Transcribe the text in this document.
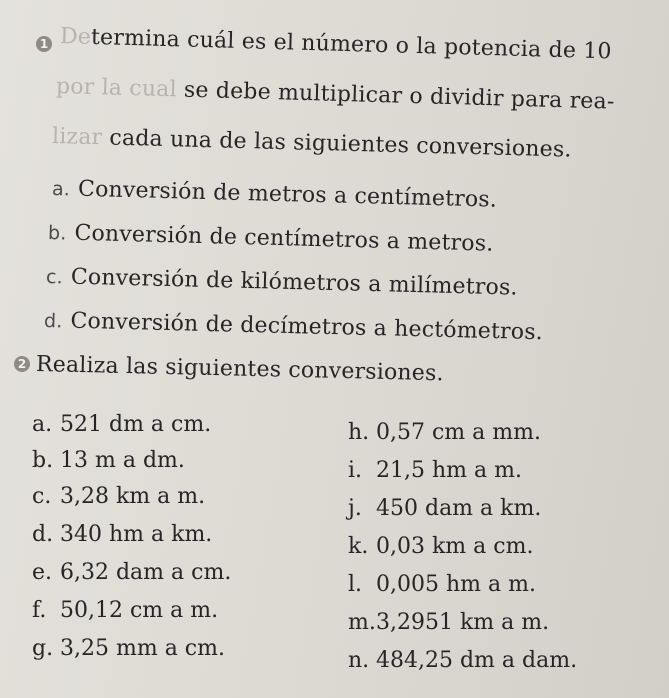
1 Determina cuál es el número o la potencia de 10
por la cual se debe multiplicar o dividir para rea-
lizar cada una de las siguientes conversiones.
a. Conversión de metros a centímetros.
b. Conversión de centímetros a metros.
c. Conversión de kilómetros a milímetros.
d. Conversión de decímetros a hectómetros.
2 Realiza las siguientes conversiones.
a. 521 dm a cm.
b. 13 m a dm.
c. 3,28 km a m.
d. 340 hm a km.
e. 6,32 dam a cm.
f. 50,12 cm a m.
g. 3,25 mm a cm.
h. 0,57 cm a mm.
i. 21,5 hm a m.
j. 450 dam a km.
k. 0,03 km a cm.
l. 0,005 hm a m.
m.3,2951 km a m.
n. 484,25 dm a dam.
